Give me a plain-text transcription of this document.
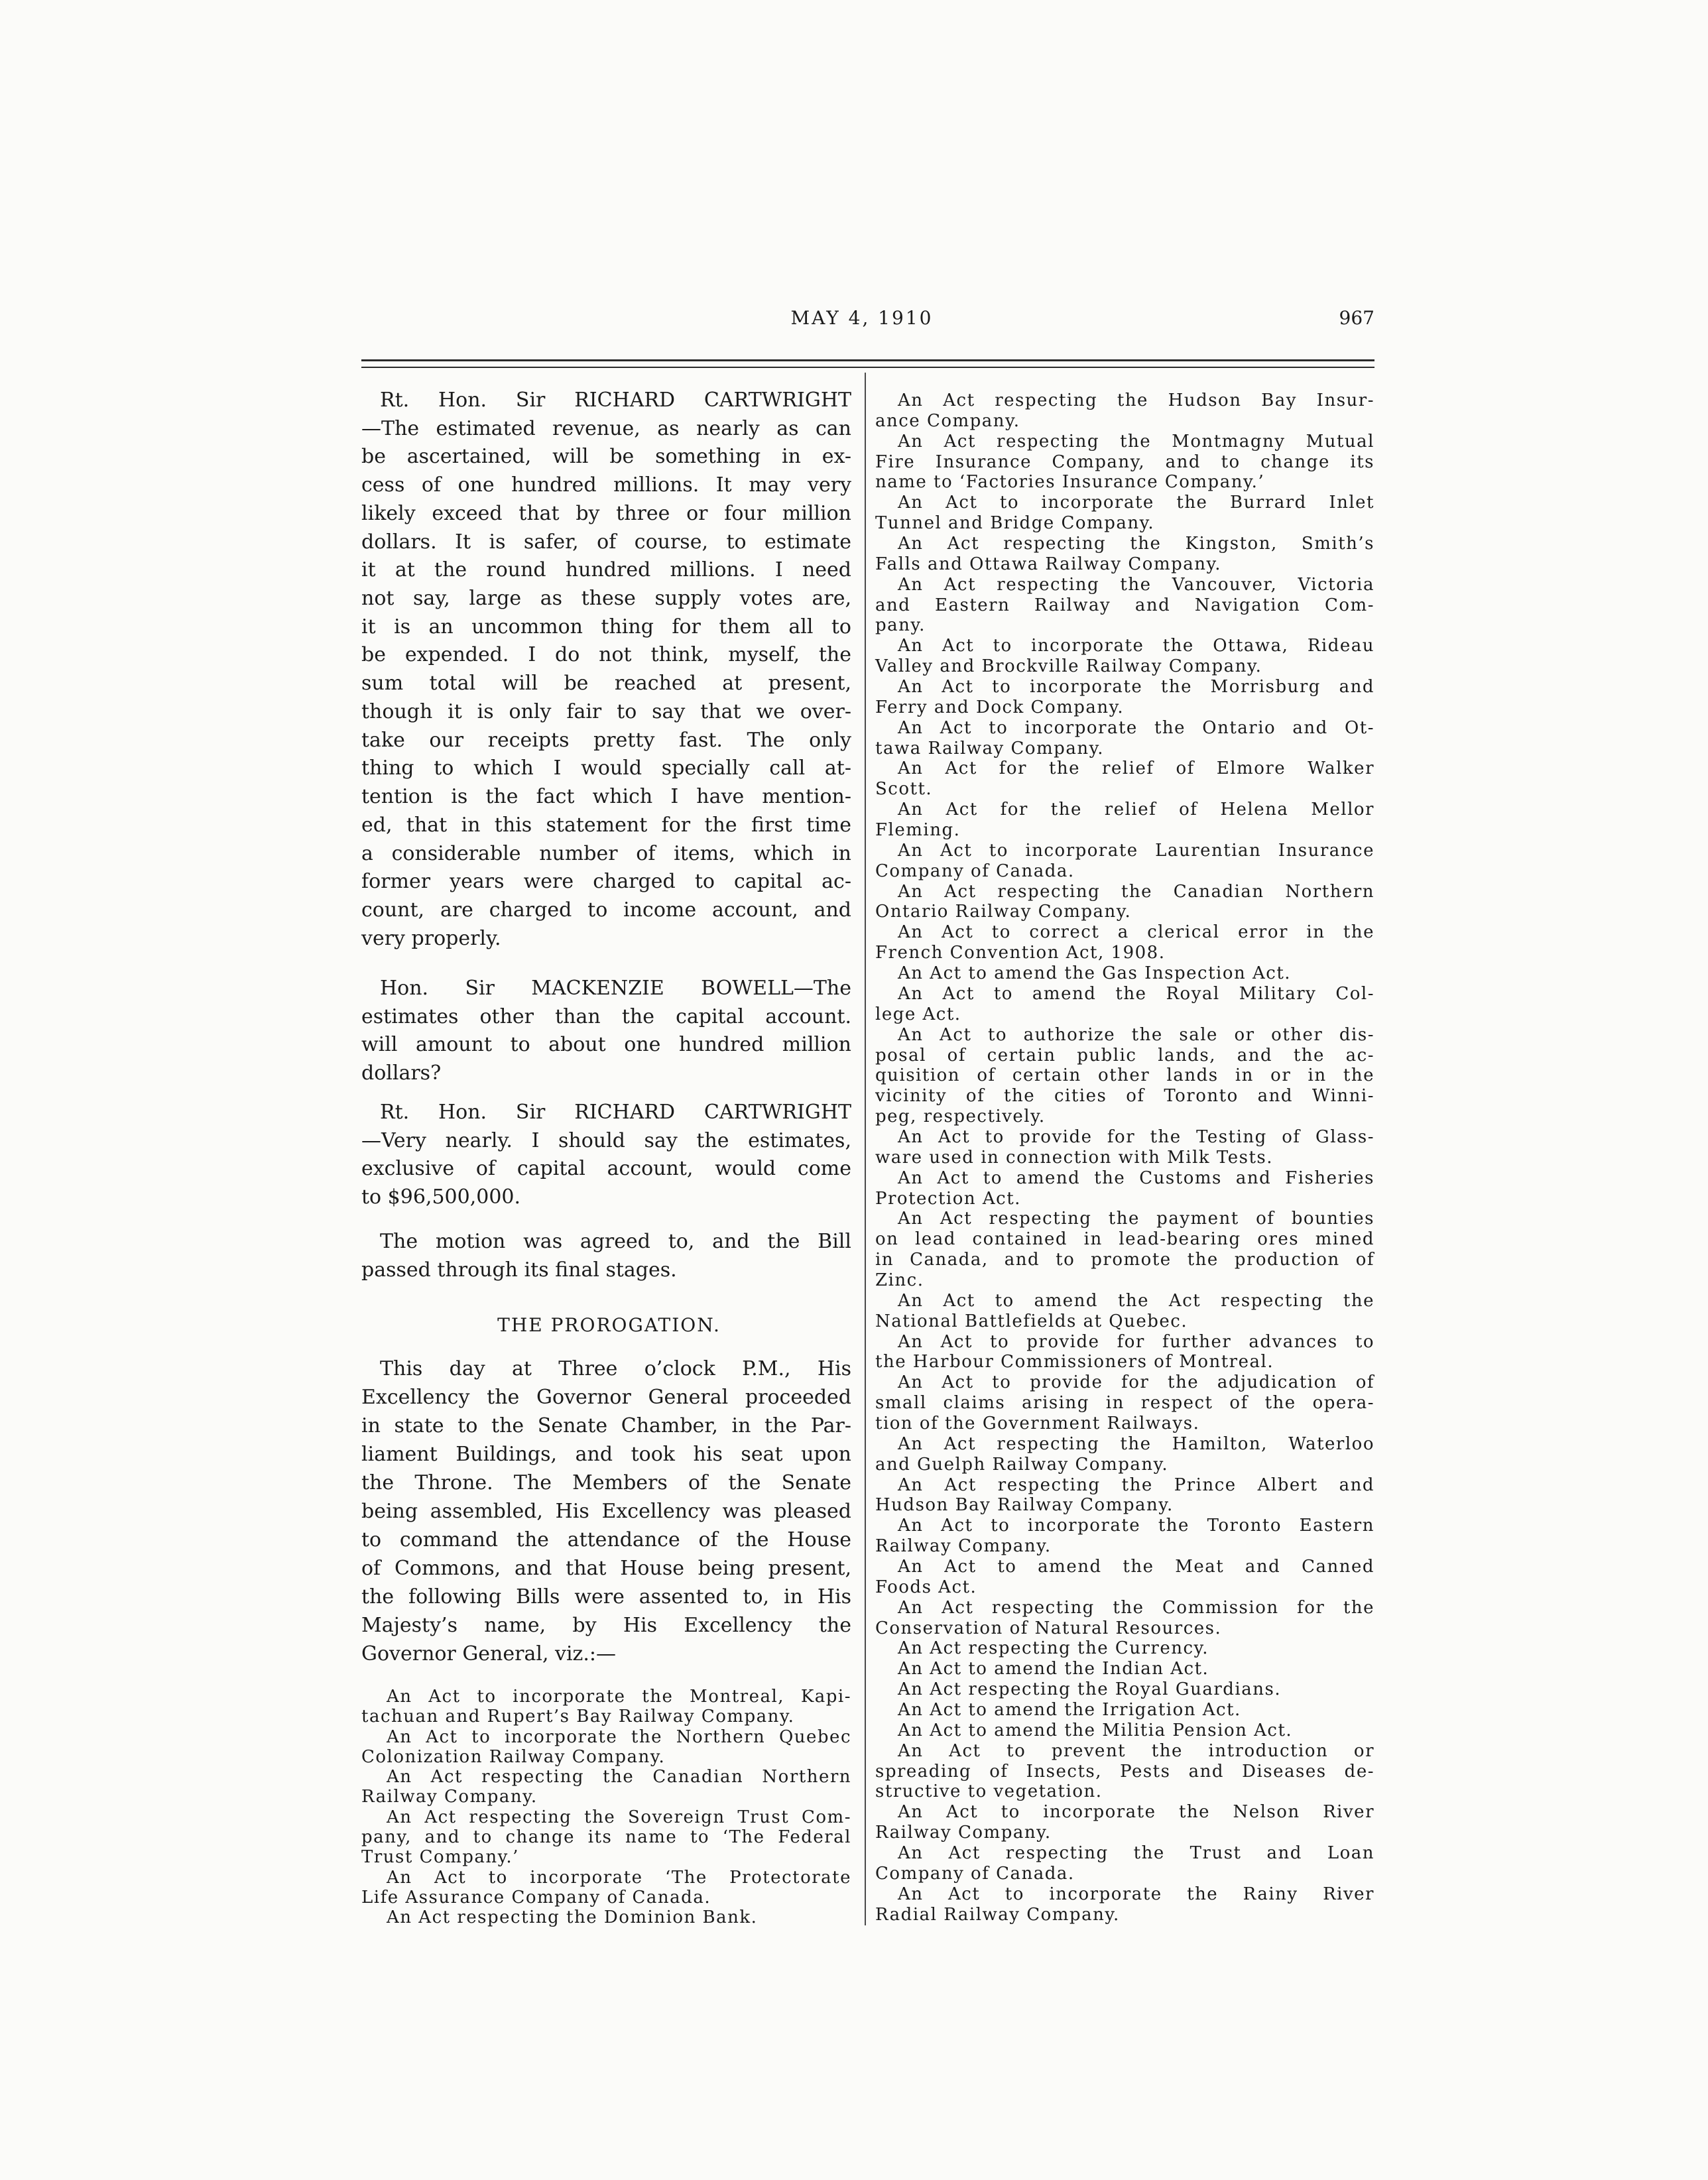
MAY 4, 1910	967
Rt. Hon. Sir RICHARD CARTWRIGHT
—The estimated revenue, as nearly as can
be ascertained, will be something in ex-
cess of one hundred millions. It may very
likely exceed that by three or four million
dollars. It is safer, of course, to estimate
it at the round hundred millions. I need
not say, large as these supply votes are,
it is an uncommon thing for them all to
be expended. I do not think, myself, the
sum total will be reached at present,
though it is only fair to say that we over-
take our receipts pretty fast. The only
thing to which I would specially call at-
tention is the fact which I have mention-
ed, that in this statement for the first time
a considerable number of items, which in
former years were charged to capital ac-
count, are charged to income account, and
very properly.
Hon. Sir MACKENZIE BOWELL—The
estimates other than the capital account.
will amount to about one hundred million
dollars?
Rt. Hon. Sir RICHARD CARTWRIGHT
—Very nearly. I should say the estimates,
exclusive of capital account, would come
to $96,500,000.
The motion was agreed to, and the Bill
passed through its final stages.
THE PROROGATION.
This day at Three o’clock P.M., His
Excellency the Governor General proceeded
in state to the Senate Chamber, in the Par-
liament Buildings, and took his seat upon
the Throne. The Members of the Senate
being assembled, His Excellency was pleased
to command the attendance of the House
of Commons, and that House being present,
the following Bills were assented to, in His
Majesty’s name, by His Excellency the
Governor General, viz.:—
An Act to incorporate the Montreal, Kapi-
tachuan and Rupert’s Bay Railway Company.
An Act to incorporate the Northern Quebec
Colonization Railway Company.
An Act respecting the Canadian Northern
Railway Company.
An Act respecting the Sovereign Trust Com-
pany, and to change its name to ‘The Federal
Trust Company.’
An Act to incorporate ‘The Protectorate
Life Assurance Company of Canada.
An Act respecting the Dominion Bank.
An Act respecting the Hudson Bay Insur-
ance Company.
An Act respecting the Montmagny Mutual
Fire Insurance Company, and to change its
name to ‘Factories Insurance Company.’
An Act to incorporate the Burrard Inlet
Tunnel and Bridge Company.
An Act respecting the Kingston, Smith’s
Falls and Ottawa Railway Company.
An Act respecting the Vancouver, Victoria
and Eastern Railway and Navigation Com-
pany.
An Act to incorporate the Ottawa, Rideau
Valley and Brockville Railway Company.
An Act to incorporate the Morrisburg and
Ferry and Dock Company.
An Act to incorporate the Ontario and Ot-
tawa Railway Company.
An Act for the relief of Elmore Walker
Scott.
An Act for the relief of Helena Mellor
Fleming.
An Act to incorporate Laurentian Insurance
Company of Canada.
An Act respecting the Canadian Northern
Ontario Railway Company.
An Act to correct a clerical error in the
French Convention Act, 1908.
An Act to amend the Gas Inspection Act.
An Act to amend the Royal Military Col-
lege Act.
An Act to authorize the sale or other dis-
posal of certain public lands, and the ac-
quisition of certain other lands in or in the
vicinity of the cities of Toronto and Winni-
peg, respectively.
An Act to provide for the Testing of Glass-
ware used in connection with Milk Tests.
An Act to amend the Customs and Fisheries
Protection Act.
An Act respecting the payment of bounties
on lead contained in lead-bearing ores mined
in Canada, and to promote the production of
Zinc.
An Act to amend the Act respecting the
National Battlefields at Quebec.
An Act to provide for further advances to
the Harbour Commissioners of Montreal.
An Act to provide for the adjudication of
small claims arising in respect of the opera-
tion of the Government Railways.
An Act respecting the Hamilton, Waterloo
and Guelph Railway Company.
An Act respecting the Prince Albert and
Hudson Bay Railway Company.
An Act to incorporate the Toronto Eastern
Railway Company.
An Act to amend the Meat and Canned
Foods Act.
An Act respecting the Commission for the
Conservation of Natural Resources.
An Act respecting the Currency.
An Act to amend the Indian Act.
An Act respecting the Royal Guardians.
An Act to amend the Irrigation Act.
An Act to amend the Militia Pension Act.
An Act to prevent the introduction or
spreading of Insects, Pests and Diseases de-
structive to vegetation.
An Act to incorporate the Nelson River
Railway Company.
An Act respecting the Trust and Loan
Company of Canada.
An Act to incorporate the Rainy River
Radial Railway Company.
